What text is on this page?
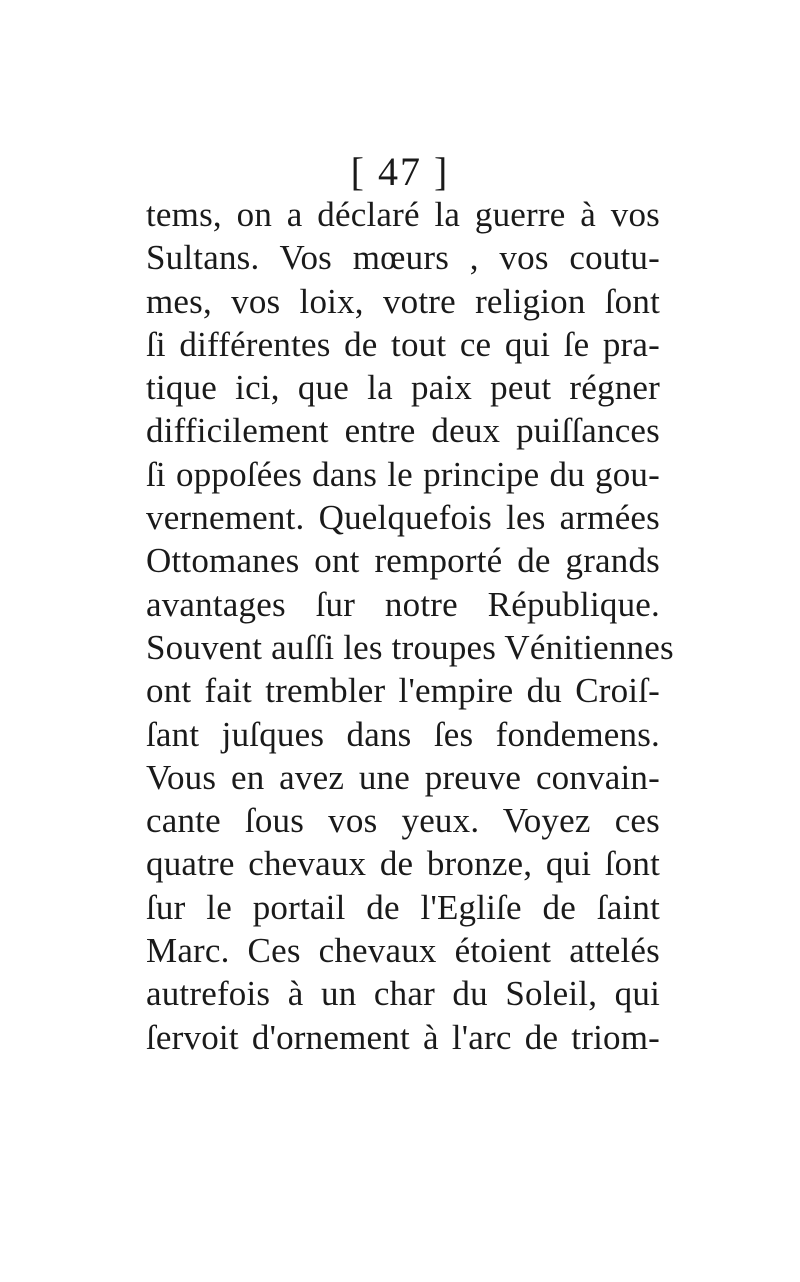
[ 47 ]
tems, on a déclaré la guerre à vos
Sultans. Vos mœurs , vos coutu-
mes, vos loix, votre religion ſont
ſi différentes de tout ce qui ſe pra-
tique ici, que la paix peut régner
difficilement entre deux puiſſances
ſi oppoſées dans le principe du gou-
vernement. Quelquefois les armées
Ottomanes ont remporté de grands
avantages ſur notre République.
Souvent auſſi les troupes Vénitiennes
ont fait trembler l'empire du Croiſ-
ſant juſques dans ſes fondemens.
Vous en avez une preuve convain-
cante ſous vos yeux. Voyez ces
quatre chevaux de bronze, qui ſont
ſur le portail de l'Egliſe de ſaint
Marc. Ces chevaux étoient attelés
autrefois à un char du Soleil, qui
ſervoit d'ornement à l'arc de triom-
